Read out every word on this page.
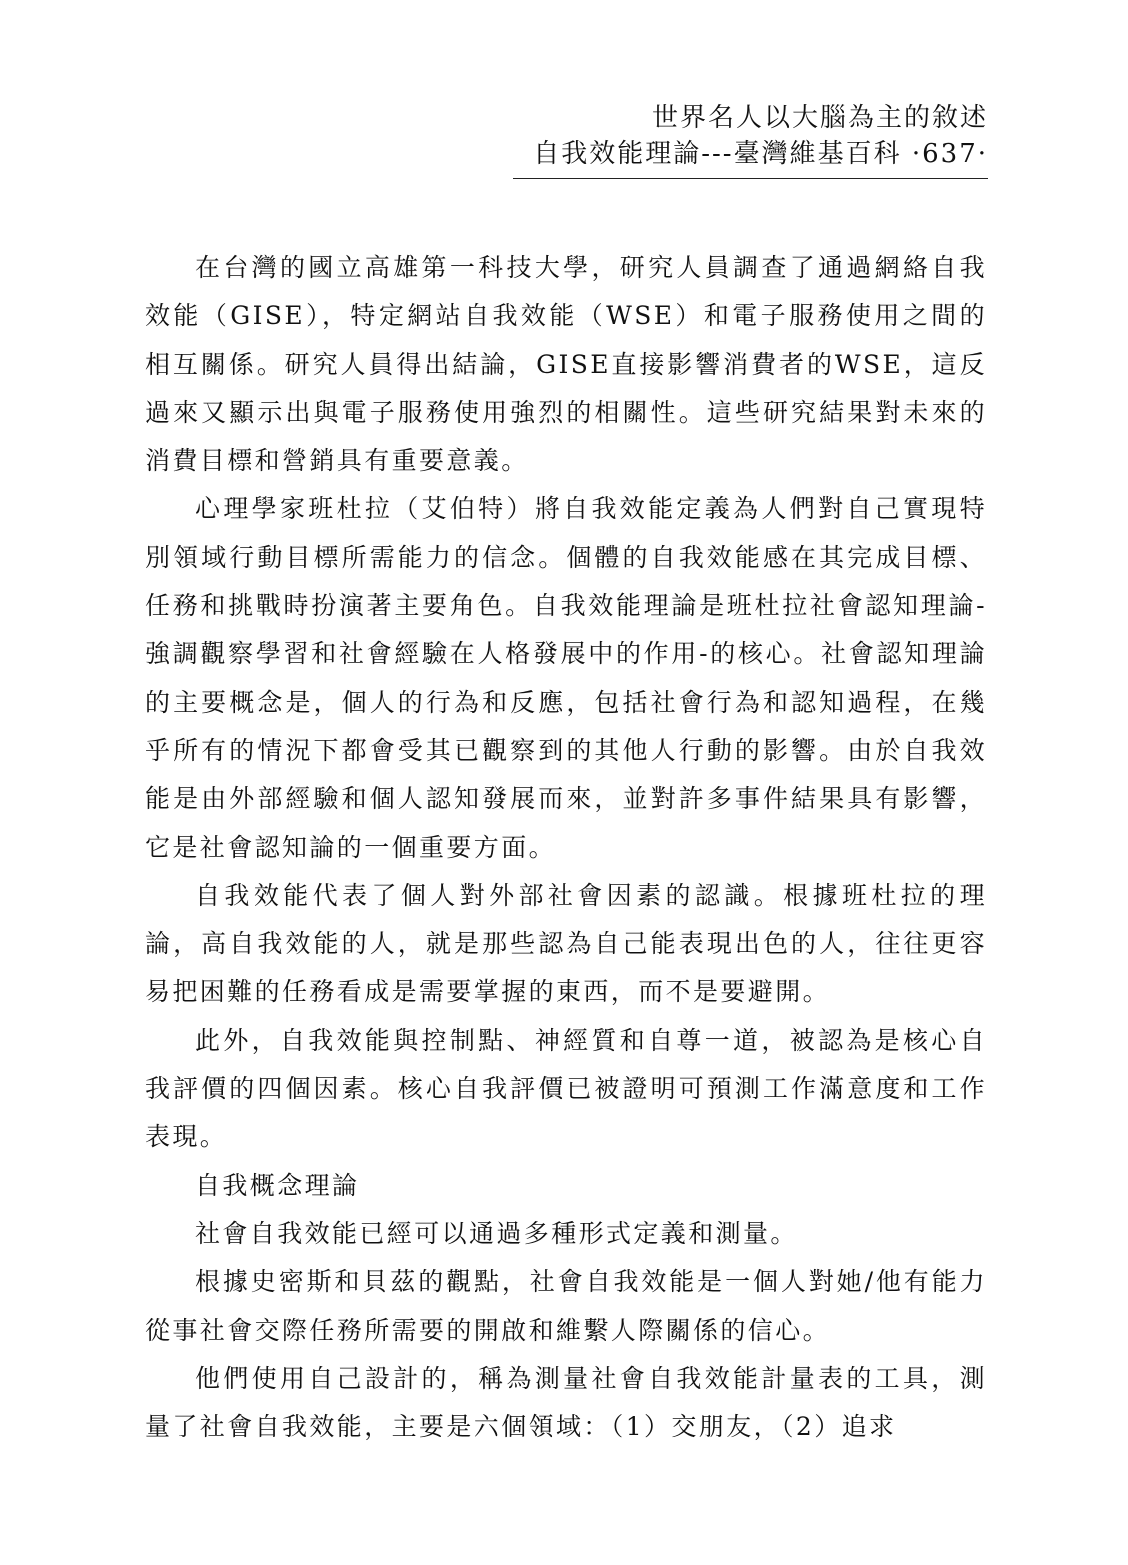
世界名人以大腦為主的敘述
自我效能理論---臺灣維基百科 ·637·

在台灣的國立高雄第一科技大學，研究人員調查了通過網絡自我效能（GISE），特定網站自我效能（WSE）和電子服務使用之間的相互關係。研究人員得出結論，GISE直接影響消費者的WSE，這反過來又顯示出與電子服務使用強烈的相關性。這些研究結果對未來的消費目標和營銷具有重要意義。

心理學家班杜拉（艾伯特）將自我效能定義為人們對自己實現特別領域行動目標所需能力的信念。個體的自我效能感在其完成目標、任務和挑戰時扮演著主要角色。自我效能理論是班杜拉社會認知理論-強調觀察學習和社會經驗在人格發展中的作用-的核心。社會認知理論的主要概念是，個人的行為和反應，包括社會行為和認知過程，在幾乎所有的情況下都會受其已觀察到的其他人行動的影響。由於自我效能是由外部經驗和個人認知發展而來，並對許多事件結果具有影響，它是社會認知論的一個重要方面。

自我效能代表了個人對外部社會因素的認識。根據班杜拉的理論，高自我效能的人，就是那些認為自己能表現出色的人，往往更容易把困難的任務看成是需要掌握的東西，而不是要避開。

此外，自我效能與控制點、神經質和自尊一道，被認為是核心自我評價的四個因素。核心自我評價已被證明可預測工作滿意度和工作表現。

自我概念理論

社會自我效能已經可以通過多種形式定義和測量。

根據史密斯和貝茲的觀點，社會自我效能是一個人對她/他有能力從事社會交際任務所需要的開啟和維繫人際關係的信心。

他們使用自己設計的，稱為測量社會自我效能計量表的工具，測量了社會自我效能，主要是六個領域：（1）交朋友，（2）追求
